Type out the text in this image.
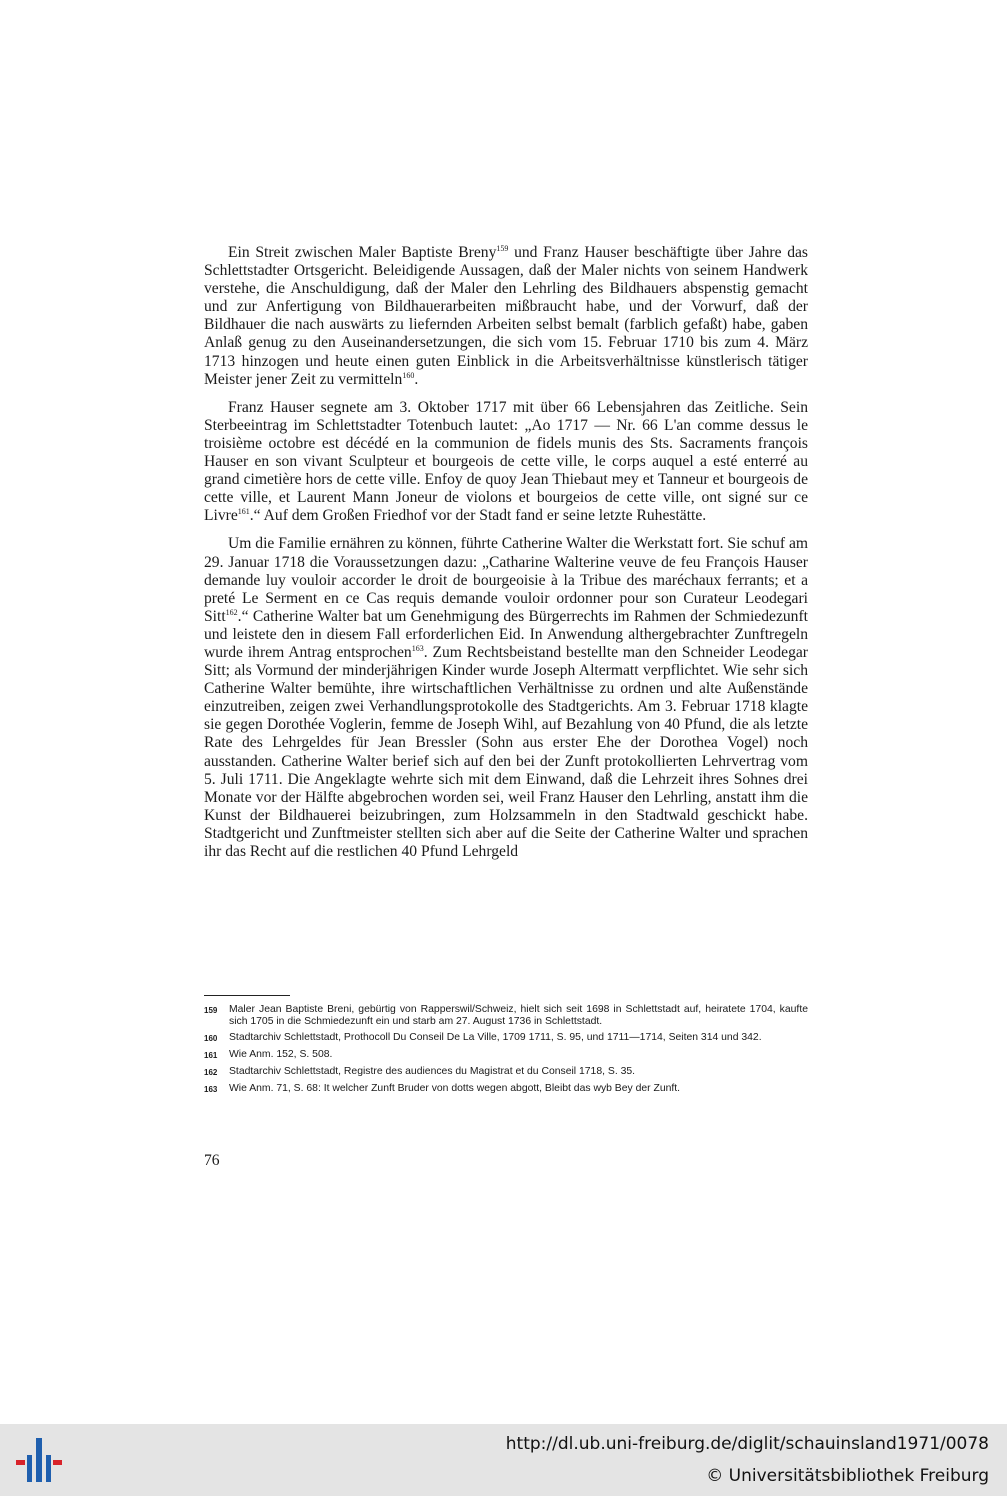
Ein Streit zwischen Maler Baptiste Breny$^{159}$ und Franz Hauser beschäftigte über Jahre das Schlettstadter Ortsgericht. Beleidigende Aussagen, daß der Maler nichts von seinem Handwerk verstehe, die Anschuldigung, daß der Maler den Lehrling des Bildhauers abspenstig gemacht und zur Anfertigung von Bildhauerarbeiten mißbraucht habe, und der Vorwurf, daß der Bildhauer die nach auswärts zu liefernden Arbeiten selbst bemalt (farblich gefaßt) habe, gaben Anlaß genug zu den Auseinandersetzungen, die sich vom 15. Februar 1710 bis zum 4. März 1713 hinzogen und heute einen guten Einblick in die Arbeitsverhältnisse künstlerisch tätiger Meister jener Zeit zu vermitteln$^{160}$.

Franz Hauser segnete am 3. Oktober 1717 mit über 66 Lebensjahren das Zeitliche. Sein Sterbeeintrag im Schlettstadter Totenbuch lautet: „Ao 1717 — Nr. 66 L'an comme dessus le troisième octobre est décédé en la communion de fidels munis des Sts. Sacraments françois Hauser en son vivant Sculpteur et bourgeois de cette ville, le corps auquel a esté enterré au grand cimetière hors de cette ville. Enfoy de quoy Jean Thiebaut mey et Tanneur et bourgeois de cette ville, et Laurent Mann Joneur de violons et bourgeios de cette ville, ont signé sur ce Livre$^{161}$.“ Auf dem Großen Friedhof vor der Stadt fand er seine letzte Ruhestätte.

Um die Familie ernähren zu können, führte Catherine Walter die Werkstatt fort. Sie schuf am 29. Januar 1718 die Voraussetzungen dazu: „Catharine Walterine veuve de feu François Hauser demande luy vouloir accorder le droit de bourgeoisie à la Tribue des maréchaux ferrants; et a preté Le Serment en ce Cas requis demande vouloir ordonner pour son Curateur Leodegari Sitt$^{162}$.“ Catherine Walter bat um Genehmigung des Bürgerrechts im Rahmen der Schmiedezunft und leistete den in diesem Fall erforderlichen Eid. In Anwendung althergebrachter Zunftregeln wurde ihrem Antrag entsprochen$^{163}$. Zum Rechtsbeistand bestellte man den Schneider Leodegar Sitt; als Vormund der minderjährigen Kinder wurde Joseph Altermatt verpflichtet. Wie sehr sich Catherine Walter bemühte, ihre wirtschaftlichen Verhältnisse zu ordnen und alte Außenstände einzutreiben, zeigen zwei Verhandlungsprotokolle des Stadtgerichts. Am 3. Februar 1718 klagte sie gegen Dorothée Voglerin, femme de Joseph Wihl, auf Bezahlung von 40 Pfund, die als letzte Rate des Lehrgeldes für Jean Bressler (Sohn aus erster Ehe der Dorothea Vogel) noch ausstanden. Catherine Walter berief sich auf den bei der Zunft protokollierten Lehrvertrag vom 5. Juli 1711. Die Angeklagte wehrte sich mit dem Einwand, daß die Lehrzeit ihres Sohnes drei Monate vor der Hälfte abgebrochen worden sei, weil Franz Hauser den Lehrling, anstatt ihm die Kunst der Bildhauerei beizubringen, zum Holzsammeln in den Stadtwald geschickt habe. Stadtgericht und Zunftmeister stellten sich aber auf die Seite der Catherine Walter und sprachen ihr das Recht auf die restlichen 40 Pfund Lehrgeld

159	Maler Jean Baptiste Breni, gebürtig von Rapperswil/Schweiz, hielt sich seit 1698 in Schlettstadt auf, heiratete 1704, kaufte sich 1705 in die Schmiedezunft ein und starb am 27. August 1736 in Schlettstadt.
160	Stadtarchiv Schlettstadt, Prothocoll Du Conseil De La Ville, 1709 1711, S. 95, und 1711—1714, Seiten 314 und 342.
161	Wie Anm. 152, S. 508.
162	Stadtarchiv Schlettstadt, Registre des audiences du Magistrat et du Conseil 1718, S. 35.
163	Wie Anm. 71, S. 68: It welcher Zunft Bruder von dotts wegen abgott, Bleibt das wyb Bey der Zunft.
76
http://dl.ub.uni-freiburg.de/diglit/schauinsland1971/0078
© Universitätsbibliothek Freiburg
